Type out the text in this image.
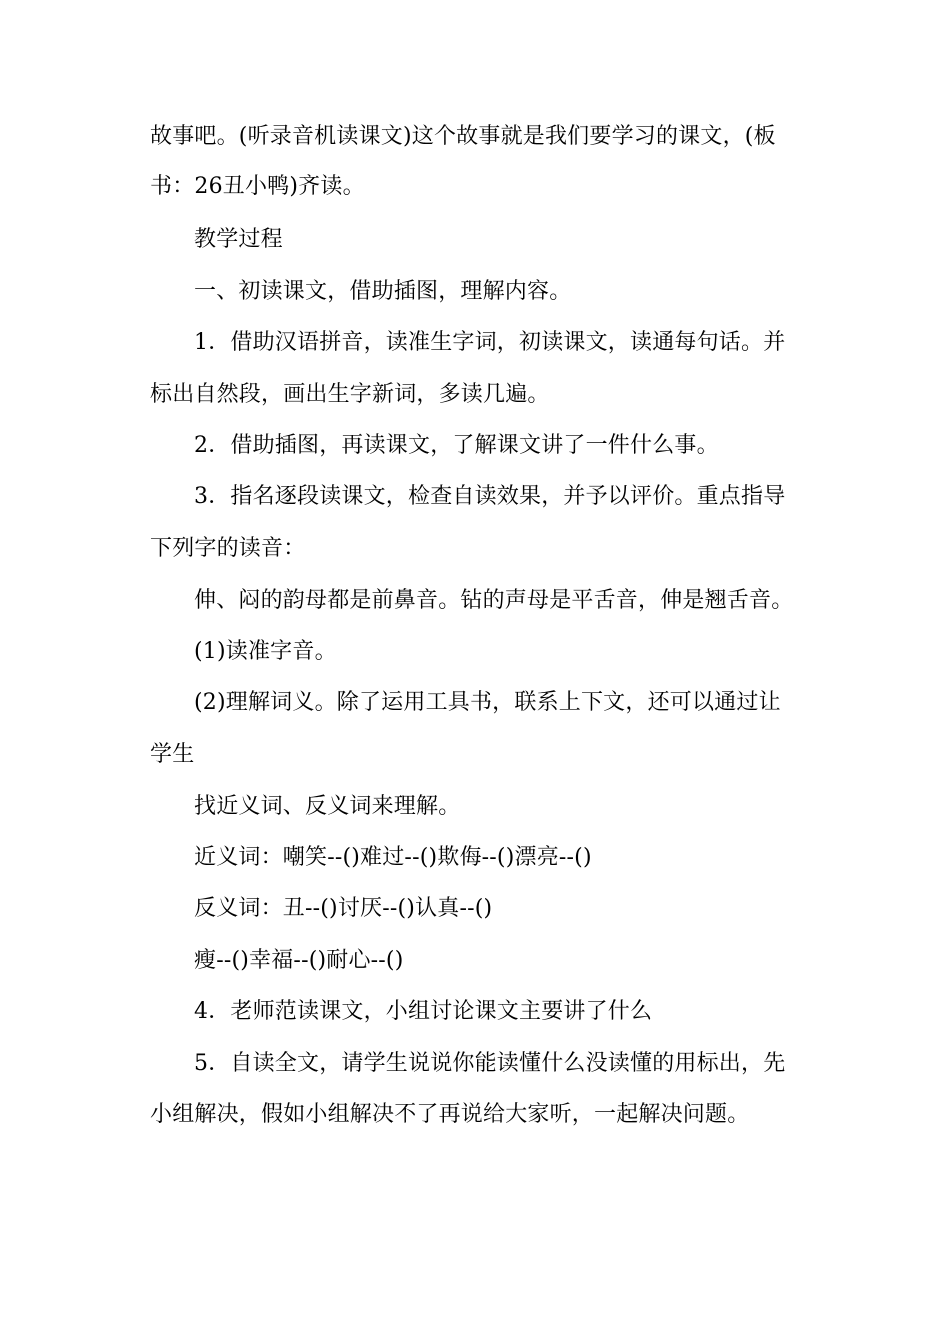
故事吧。(听录音机读课文)这个故事就是我们要学习的课文，(板
书：26丑小鸭)齐读。
教学过程
一、初读课文，借助插图，理解内容。
1．借助汉语拼音，读准生字词，初读课文，读通每句话。并
标出自然段，画出生字新词，多读几遍。
2．借助插图，再读课文，了解课文讲了一件什么事。
3．指名逐段读课文，检查自读效果，并予以评价。重点指导
下列字的读音：
伸、闷的韵母都是前鼻音。钻的声母是平舌音，伸是翘舌音。
(1)读准字音。
(2)理解词义。除了运用工具书，联系上下文，还可以通过让
学生
找近义词、反义词来理解。
近义词：嘲笑--()难过--()欺侮--()漂亮--()
反义词：丑--()讨厌--()认真--()
瘦--()幸福--()耐心--()
4．老师范读课文，小组讨论课文主要讲了什么
5．自读全文，请学生说说你能读懂什么没读懂的用标出，先
小组解决，假如小组解决不了再说给大家听，一起解决问题。
